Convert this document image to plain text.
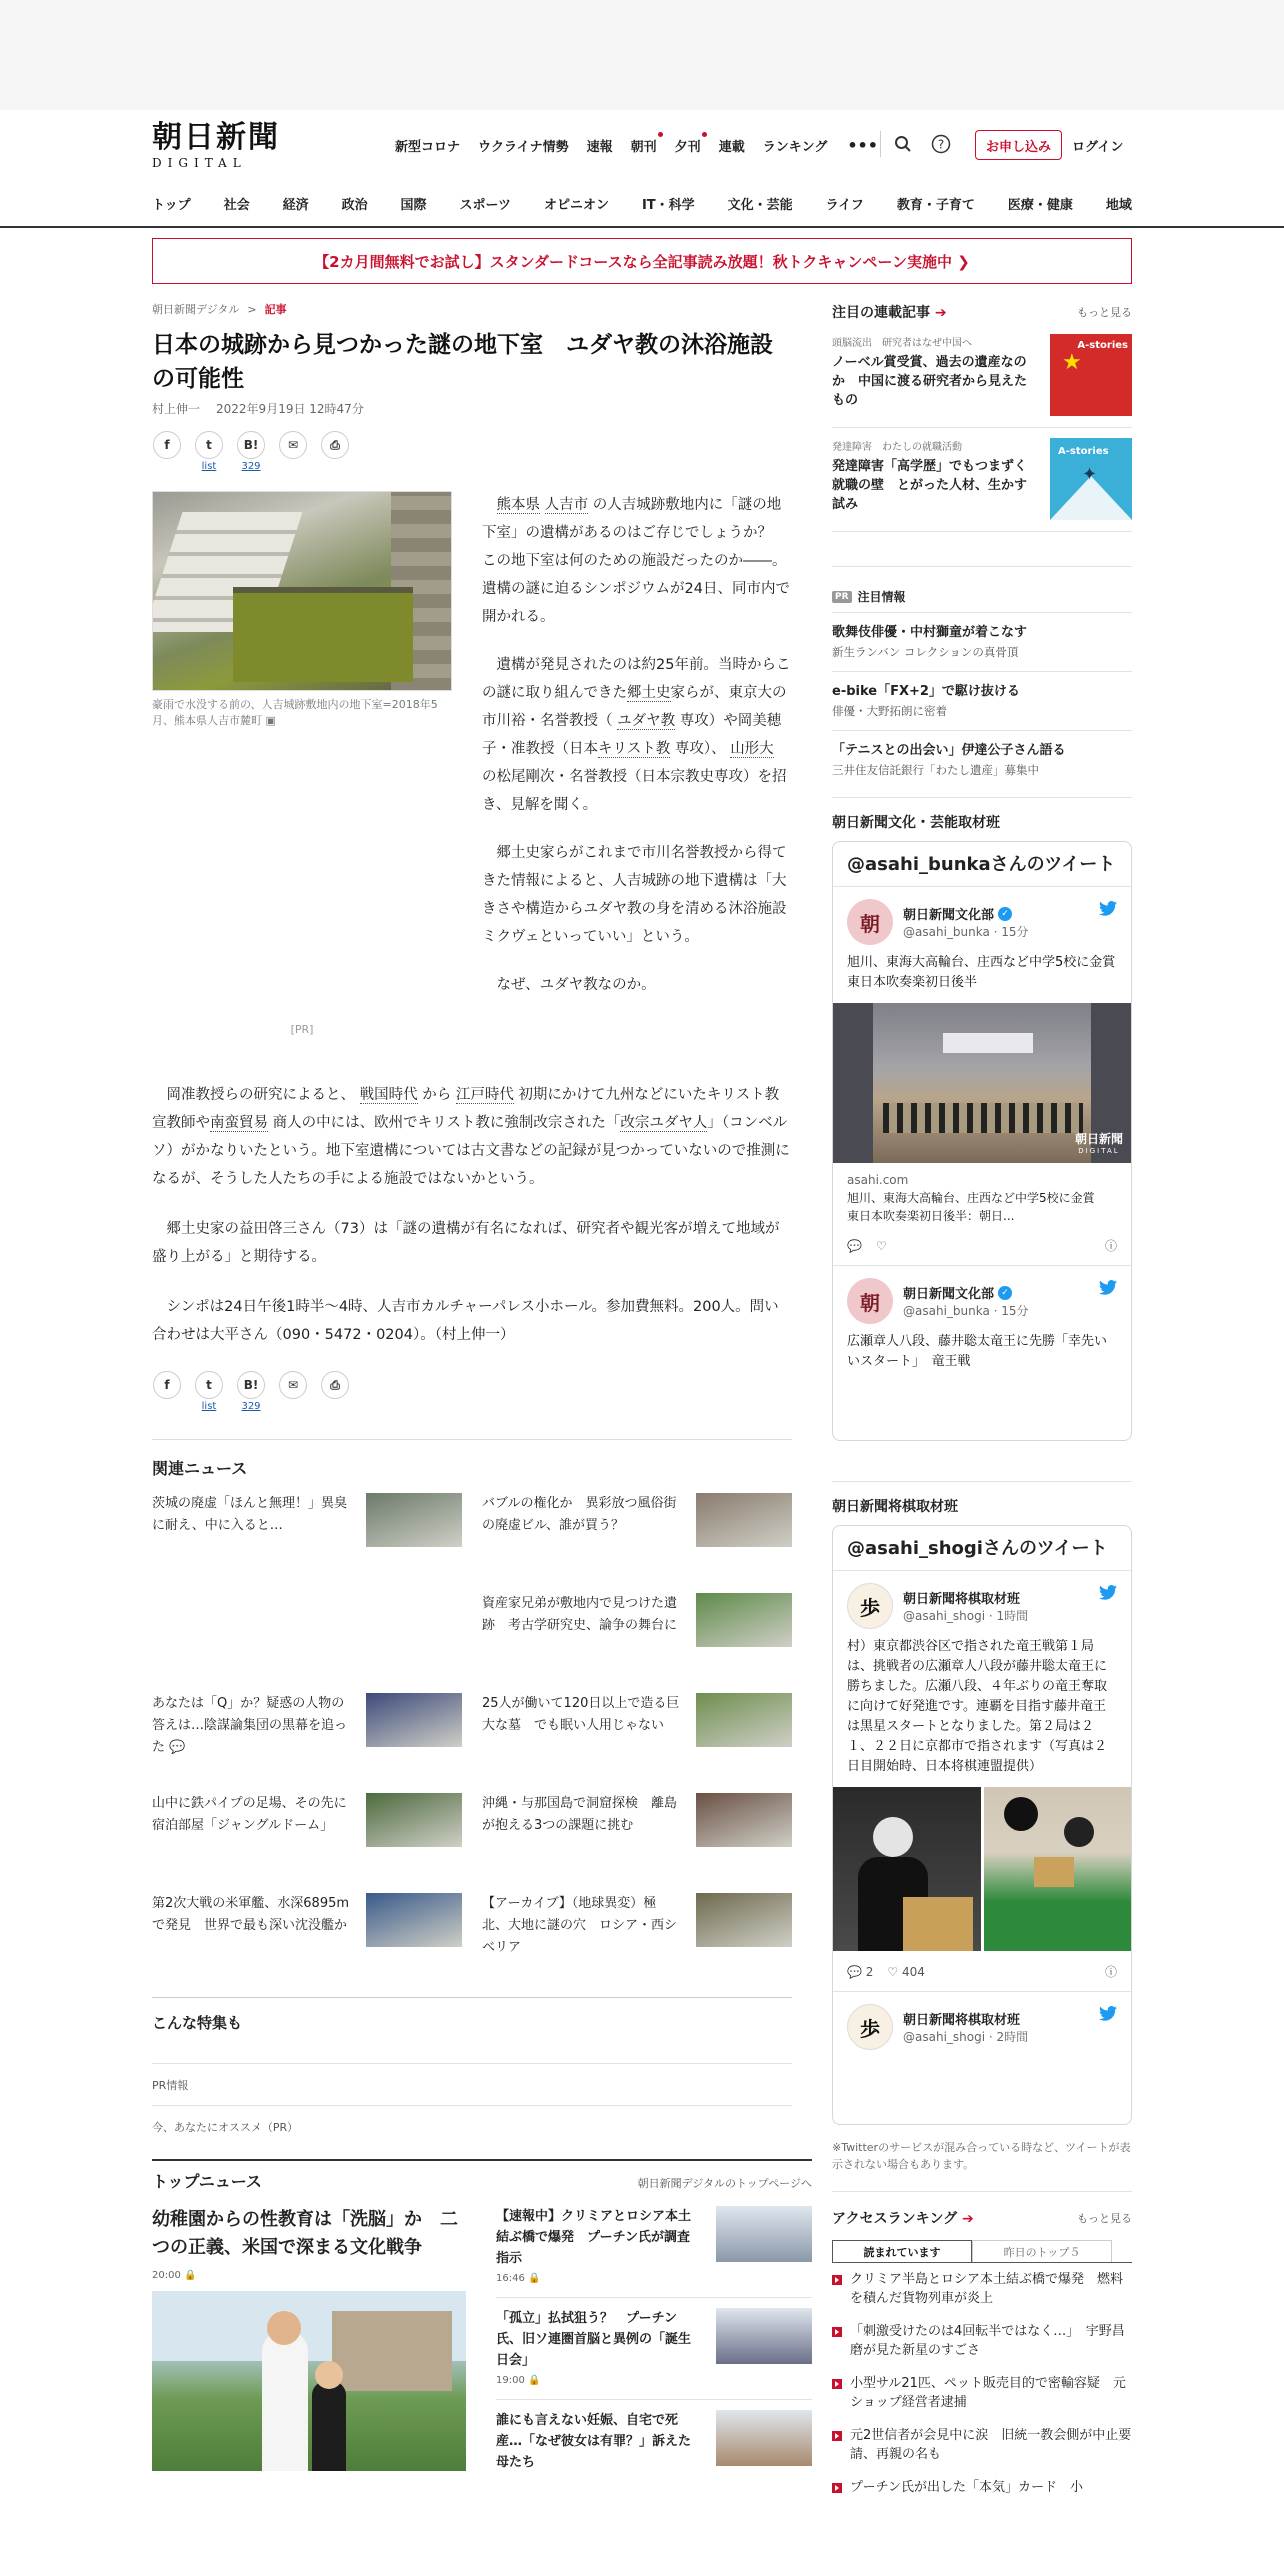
朝日新聞
DIGITAL
新型コロナ ウクライナ情勢 速報 朝刊 夕刊 連載 ランキング •••	?	お申し込み	ログイン
トップ	社会	経済	政治	国際	スポーツ	オピニオン	IT・科学	文化・芸能	ライフ	教育・子育て	医療・健康	地域
【2カ月間無料でお試し】スタンダードコースなら全記事読み放題！秋トクキャンペーン実施中 ❯
朝日新聞デジタル > 記事
日本の城跡から見つかった謎の地下室　ユダヤ教の沐浴施設の可能性
村上伸一 2022年9月19日 12時47分
f	t
list
B!
329
✉	⎙
豪雨で水没する前の、人吉城跡敷地内の地下室=2018年5月、熊本県人吉市麓町 ▣
[PR]

熊本県 人吉市 の人吉城跡敷地内に「謎の地下室」の遺構があるのはご存じでしょうか？　この地下室は何のための施設だったのか――。遺構の謎に迫るシンポジウムが24日、同市内で開かれる。

遺構が発見されたのは約25年前。当時からこの謎に取り組んできた郷土史家らが、東京大の市川裕・名誉教授（ ユダヤ教 専攻）や岡美穂子・准教授（日本キリスト教 専攻）、 山形大 の松尾剛次・名誉教授（日本宗教史専攻）を招き、見解を聞く。

郷土史家らがこれまで市川名誉教授から得てきた情報によると、人吉城跡の地下遺構は「大きさや構造からユダヤ教の身を清める沐浴施設ミクヴェといっていい」という。

なぜ、ユダヤ教なのか。

岡准教授らの研究によると、 戦国時代 から 江戸時代 初期にかけて九州などにいたキリスト教宣教師や南蛮貿易 商人の中には、欧州でキリスト教に強制改宗された「改宗ユダヤ人」（コンベルソ）がかなりいたという。地下室遺構については古文書などの記録が見つかっていないので推測になるが、そうした人たちの手による施設ではないかという。

郷土史家の益田啓三さん（73）は「謎の遺構が有名になれば、研究者や観光客が増えて地域が盛り上がる」と期待する。

シンポは24日午後1時半～4時、人吉市カルチャーパレス小ホール。参加費無料。200人。問い合わせは大平さん（090・5472・0204）。（村上伸一）

f	t
list
B!
329
✉	⎙
関連ニュース
茨城の廃虚「ほんと無理！」異臭に耐え、中に入ると…
バブルの権化か　異彩放つ風俗街の廃虚ビル、誰が買う？
資産家兄弟が敷地内で見つけた遺跡　考古学研究史、論争の舞台に
あなたは「Q」か？疑惑の人物の答えは…陰謀論集団の黒幕を追った 💬
25人が働いて120日以上で造る巨大な墓　でも眠い人用じゃない
山中に鉄パイプの足場、その先に宿泊部屋「ジャングルドーム」
沖縄・与那国島で洞窟探検　離島が抱える3つの課題に挑む
第2次大戦の米軍艦、水深6895mで発見　世界で最も深い沈没艦か
【アーカイブ】（地球異変）極北、大地に謎の穴　ロシア・西シベリア
こんな特集も
PR情報
今、あなたにオススメ（PR）
トップニュース	朝日新聞デジタルのトップページへ
幼稚園からの性教育は「洗脳」か　二つの正義、米国で深まる文化戦争
20:00 🔒
【速報中】クリミアとロシア本土結ぶ橋で爆発　プーチン氏が調査指示
16:46 🔒
「孤立」払拭狙う？　プーチン氏、旧ソ連圏首脳と異例の「誕生日会」
19:00 🔒
誰にも言えない妊娠、自宅で死産…「なぜ彼女は有罪？」訴えた母たち
注目の連載記事 ➔	もっと見る
頭脳流出　研究者はなぜ中国へ
ノーベル賞受賞、過去の遺産なのか　中国に渡る研究者から見えたもの
★
A-stories
発達障害　わたしの就職活動
発達障害「高学歴」でもつまずく就職の壁　とがった人材、生かす試み
A-stories
✦
PR 注目情報
歌舞伎俳優・中村獅童が着こなす
新生ランバン コレクションの真骨頂
e-bike「FX+2」で駆け抜ける
俳優・大野拓朗に密着
「テニスとの出会い」伊達公子さん語る
三井住友信託銀行「わたし遺産」募集中
朝日新聞文化・芸能取材班
@asahi_bunkaさんのツイート
朝	朝日新聞文化部 ✓
@asahi_bunka · 15分
旭川、東海大高輪台、庄西など中学5校に金賞　東日本吹奏楽初日後半
朝日新聞
DIGITAL
asahi.com
旭川、東海大高輪台、庄西など中学5校に金賞　東日本吹奏楽初日後半：朝日...
💬 ♡	ⓘ
朝	朝日新聞文化部 ✓
@asahi_bunka · 15分
広瀬章人八段、藤井聡太竜王に先勝「幸先いいスタート」　竜王戦
朝日新聞将棋取材班
@asahi_shogiさんのツイート
歩	朝日新聞将棋取材班
@asahi_shogi · 1時間
村）東京都渋谷区で指された竜王戦第１局は、挑戦者の広瀬章人八段が藤井聡太竜王に勝ちました。広瀬八段、４年ぶりの竜王奪取に向けて好発進です。連覇を目指す藤井竜王は黒星スタートとなりました。第２局は２１、２２日に京都市で指されます（写真は２日目開始時、日本将棋連盟提供）
💬 2 ♡ 404	ⓘ
歩	朝日新聞将棋取材班
@asahi_shogi · 2時間
※Twitterのサービスが混み合っている時など、ツイートが表示されない場合もあります。
アクセスランキング ➔	もっと見る
読まれています	昨日のトップ５
クリミア半島とロシア本土結ぶ橋で爆発　燃料を積んだ貨物列車が炎上
「刺激受けたのは4回転半ではなく…」　宇野昌磨が見た新星のすごさ
小型サル21匹、ペット販売目的で密輸容疑　元ショップ経営者逮捕
元2世信者が会見中に涙　旧統一教会側が中止要請、再親の名も
プーチン氏が出した「本気」カード　小
